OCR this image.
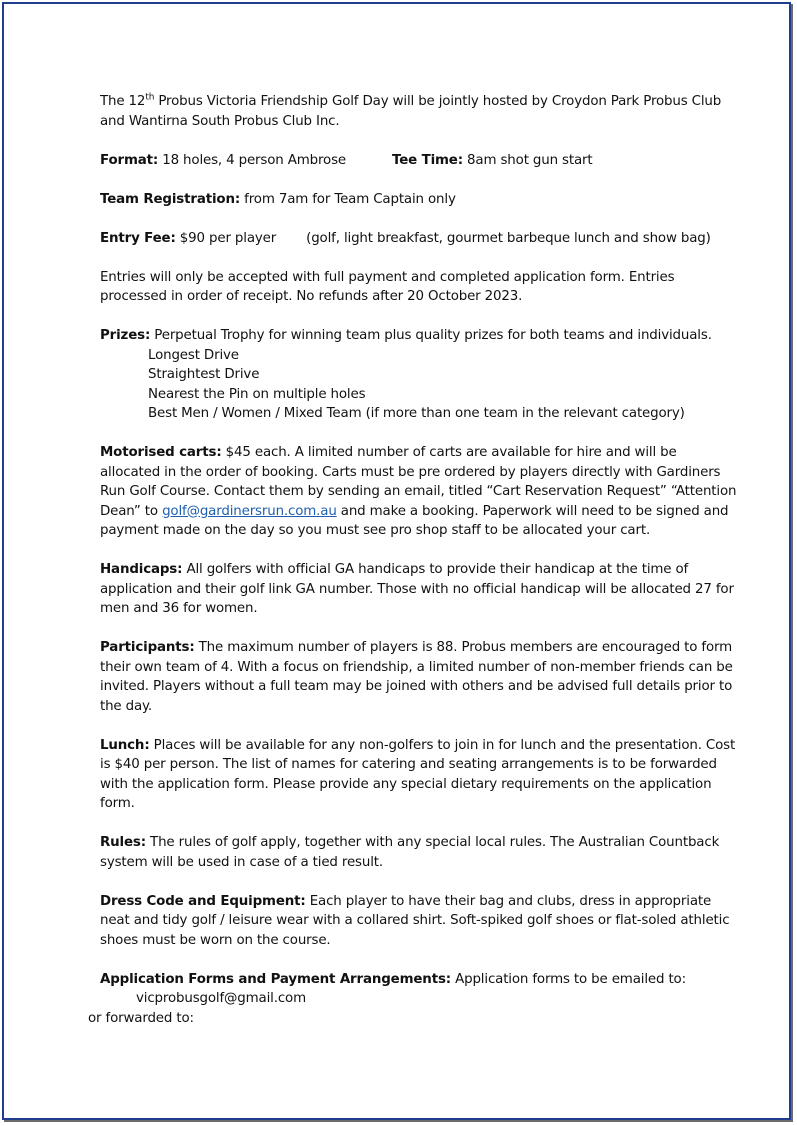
The 12th Probus Victoria Friendship Golf Day will be jointly hosted by Croydon Park Probus Club and Wantirna South Probus Club Inc.

Format: 18 holes, 4 person Ambrose	Tee Time: 8am shot gun start

Team Registration: from 7am for Team Captain only

Entry Fee: $90 per player (golf, light breakfast, gourmet barbeque lunch and show bag)

Entries will only be accepted with full payment and completed application form. Entries processed in order of receipt. No refunds after 20 October 2023.

Prizes: Perpetual Trophy for winning team plus quality prizes for both teams and individuals.

Longest Drive

Straightest Drive

Nearest the Pin on multiple holes

Best Men / Women / Mixed Team (if more than one team in the relevant category)

Motorised carts: $45 each. A limited number of carts are available for hire and will be allocated in the order of booking. Carts must be pre ordered by players directly with Gardiners Run Golf Course. Contact them by sending an email, titled “Cart Reservation Request” “Attention Dean” to golf@gardinersrun.com.au and make a booking. Paperwork will need to be signed and payment made on the day so you must see pro shop staff to be allocated your cart.

Handicaps: All golfers with official GA handicaps to provide their handicap at the time of application and their golf link GA number. Those with no official handicap will be allocated 27 for men and 36 for women.

Participants: The maximum number of players is 88. Probus members are encouraged to form their own team of 4. With a focus on friendship, a limited number of non-member friends can be invited. Players without a full team may be joined with others and be advised full details prior to the day.

Lunch: Places will be available for any non-golfers to join in for lunch and the presentation. Cost is $40 per person. The list of names for catering and seating arrangements is to be forwarded with the application form. Please provide any special dietary requirements on the application form.

Rules: The rules of golf apply, together with any special local rules. The Australian Countback system will be used in case of a tied result.

Dress Code and Equipment: Each player to have their bag and clubs, dress in appropriate neat and tidy golf / leisure wear with a collared shirt. Soft-spiked golf shoes or flat-soled athletic shoes must be worn on the course.

Application Forms and Payment Arrangements: Application forms to be emailed to:

vicprobusgolf@gmail.com

or forwarded to:
